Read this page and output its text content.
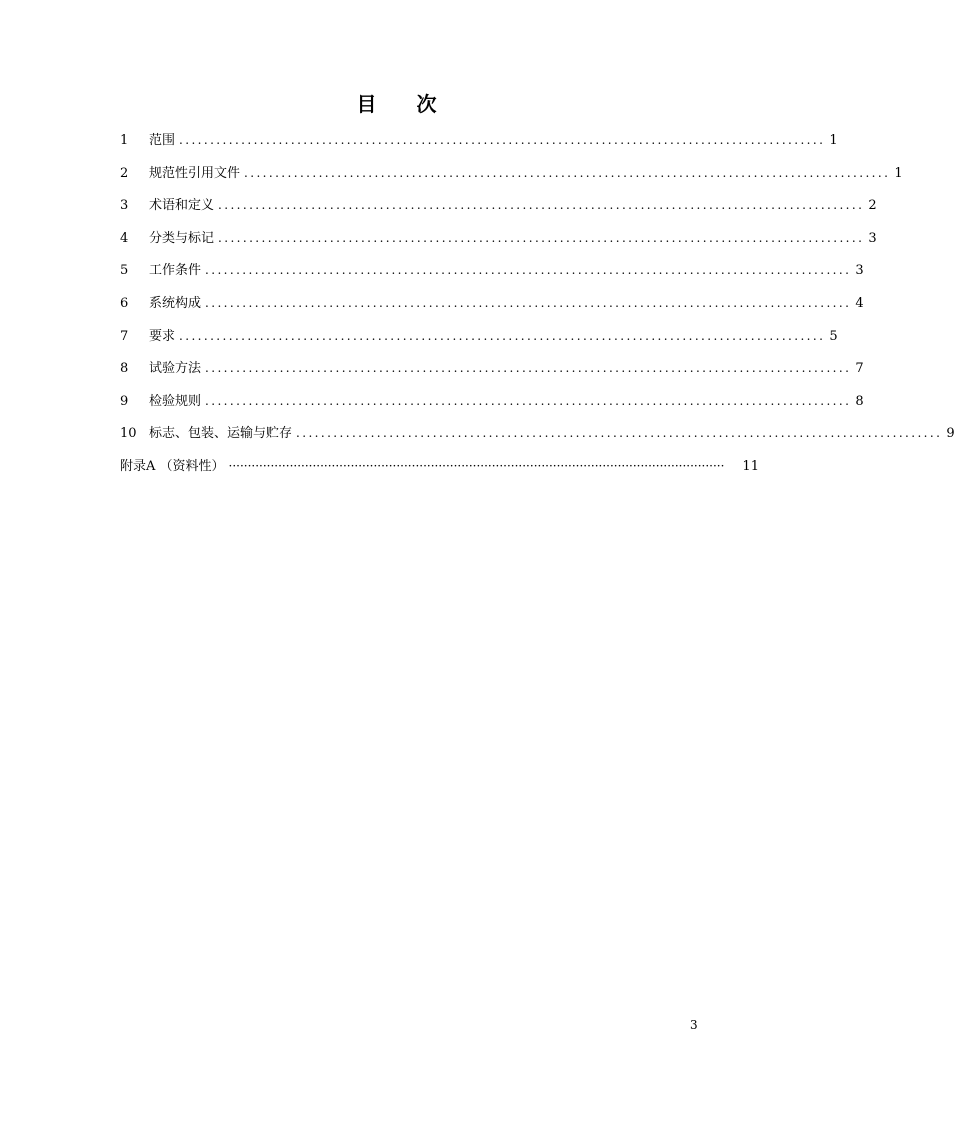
目 次
1	范围 ........................................................................................................ 1
2	规范性引用文件 ........................................................................................................ 1
3	术语和定义 ........................................................................................................ 2
4	分类与标记 ........................................................................................................ 3
5	工作条件 ........................................................................................................ 3
6	系统构成 ........................................................................................................ 4
7	要求 ........................................................................................................ 5
8	试验方法 ........................................................................................................ 7
9	检验规则 ........................................................................................................ 8
10 标志、包装、运输与贮存 ........................................................................................................ 9
附录A （资料性） ··································································································································	11
3
